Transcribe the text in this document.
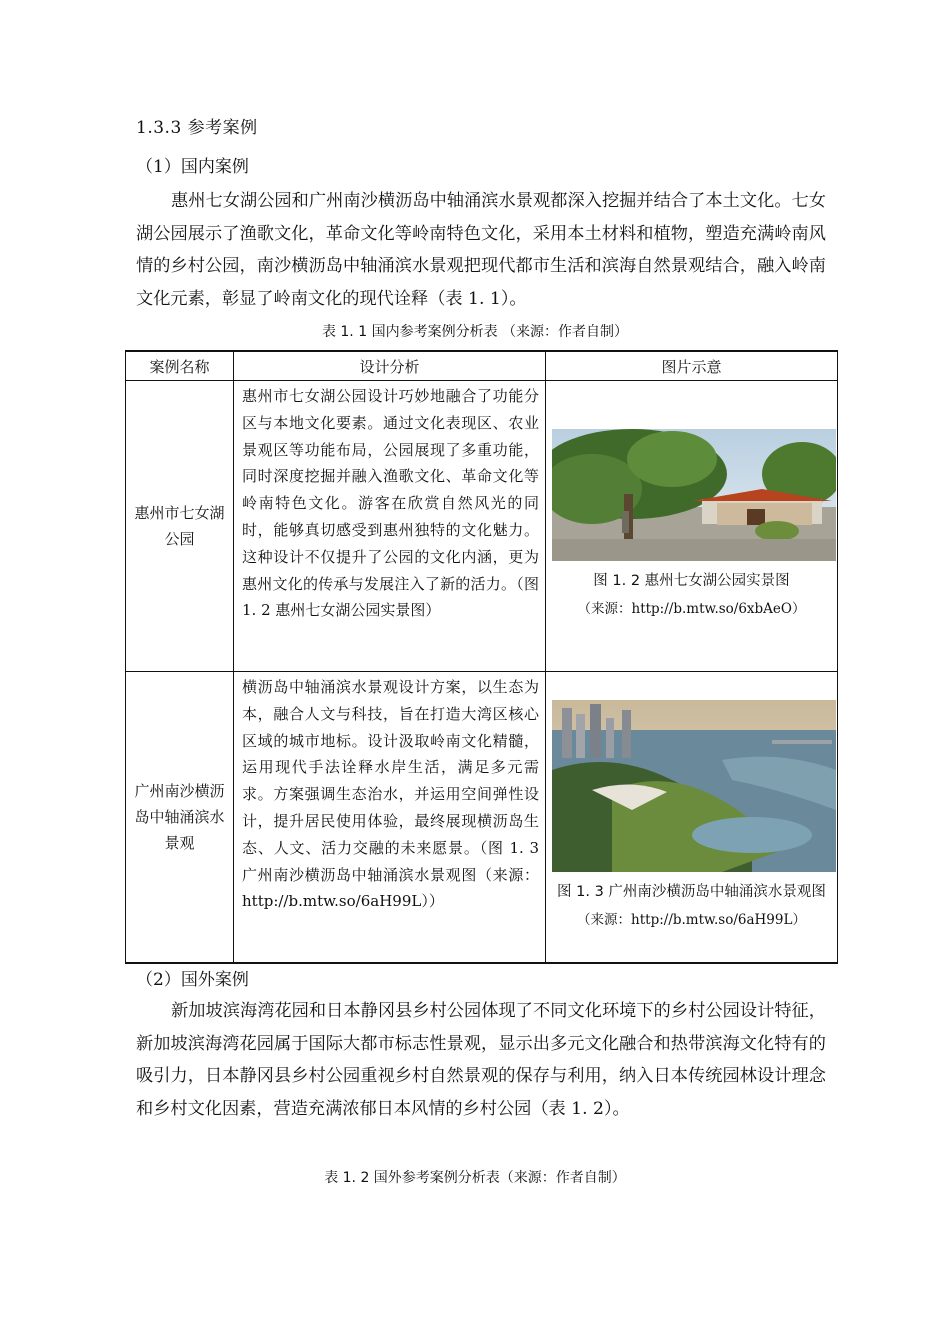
1.3.3 参考案例
（1）国内案例

惠州七女湖公园和广州南沙横沥岛中轴涌滨水景观都深入挖掘并结合了本土文化。七女湖公园展示了渔歌文化，革命文化等岭南特色文化，采用本土材料和植物，塑造充满岭南风情的乡村公园，南沙横沥岛中轴涌滨水景观把现代都市生活和滨海自然景观结合，融入岭南文化元素，彰显了岭南文化的现代诠释（表 1. 1）。

表 1. 1 国内参考案例分析表 （来源：作者自制）
案例名称	设计分析	图片示意
惠州市七女湖公园	惠州市七女湖公园设计巧妙地融合了功能分区与本地文化要素。通过文化表现区、农业景观区等功能布局，公园展现了多重功能，同时深度挖掘并融入渔歌文化、革命文化等岭南特色文化。游客在欣赏自然风光的同时，能够真切感受到惠州独特的文化魅力。这种设计不仅提升了公园的文化内涵，更为惠州文化的传承与发展注入了新的活力。（图 1. 2 惠州七女湖公园实景图）	图 1. 2 惠州七女湖公园实景图
（来源：http://b.mtw.so/6xbAeO）

广州南沙横沥岛中轴涌滨水景观	横沥岛中轴涌滨水景观设计方案，以生态为本，融合人文与科技，旨在打造大湾区核心区域的城市地标。设计汲取岭南文化精髓，运用现代手法诠释水岸生活，满足多元需求。方案强调生态治水，并运用空间弹性设计，提升居民使用体验，最终展现横沥岛生态、人文、活力交融的未来愿景。（图 1. 3 广州南沙横沥岛中轴涌滨水景观图（来源：http://b.mtw.so/6aH99L））	图 1. 3 广州南沙横沥岛中轴涌滨水景观图（来源：http://b.mtw.so/6aH99L）
（2）国外案例

新加坡滨海湾花园和日本静冈县乡村公园体现了不同文化环境下的乡村公园设计特征，新加坡滨海湾花园属于国际大都市标志性景观，显示出多元文化融合和热带滨海文化特有的吸引力，日本静冈县乡村公园重视乡村自然景观的保存与利用，纳入日本传统园林设计理念和乡村文化因素，营造充满浓郁日本风情的乡村公园（表 1. 2）。

表 1. 2 国外参考案例分析表（来源：作者自制）
